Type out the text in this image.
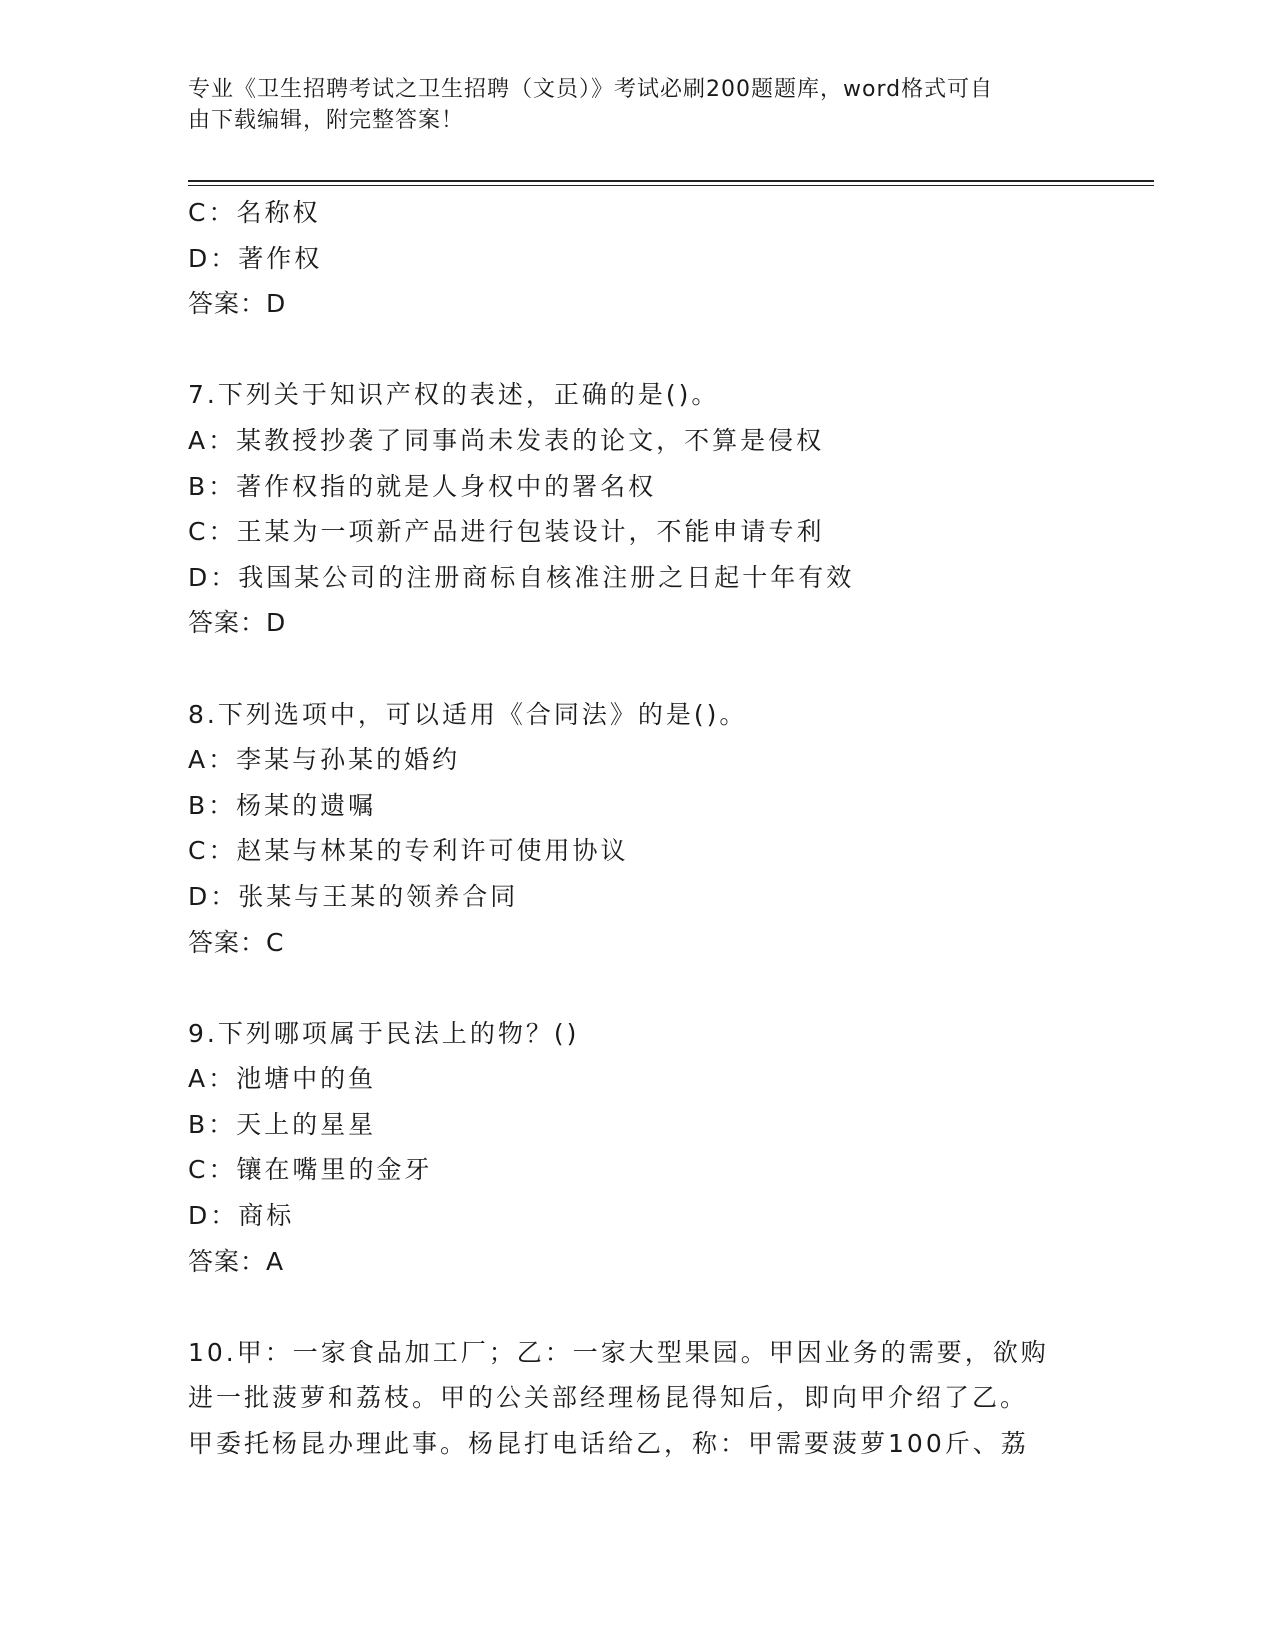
专业《卫生招聘考试之卫生招聘（文员）》考试必刷200题题库，word格式可自
由下载编辑，附完整答案！
C：名称权
D：著作权
答案：D
7.下列关于知识产权的表述，正确的是()。
A：某教授抄袭了同事尚未发表的论文，不算是侵权
B：著作权指的就是人身权中的署名权
C：王某为一项新产品进行包装设计，不能申请专利
D：我国某公司的注册商标自核准注册之日起十年有效
答案：D
8.下列选项中，可以适用《合同法》的是()。
A：李某与孙某的婚约
B：杨某的遗嘱
C：赵某与林某的专利许可使用协议
D：张某与王某的领养合同
答案：C
9.下列哪项属于民法上的物？()
A：池塘中的鱼
B：天上的星星
C：镶在嘴里的金牙
D：商标
答案：A
10.甲：一家食品加工厂；乙：一家大型果园。甲因业务的需要，欲购
进一批菠萝和荔枝。甲的公关部经理杨昆得知后，即向甲介绍了乙。
甲委托杨昆办理此事。杨昆打电话给乙，称：甲需要菠萝100斤、荔
